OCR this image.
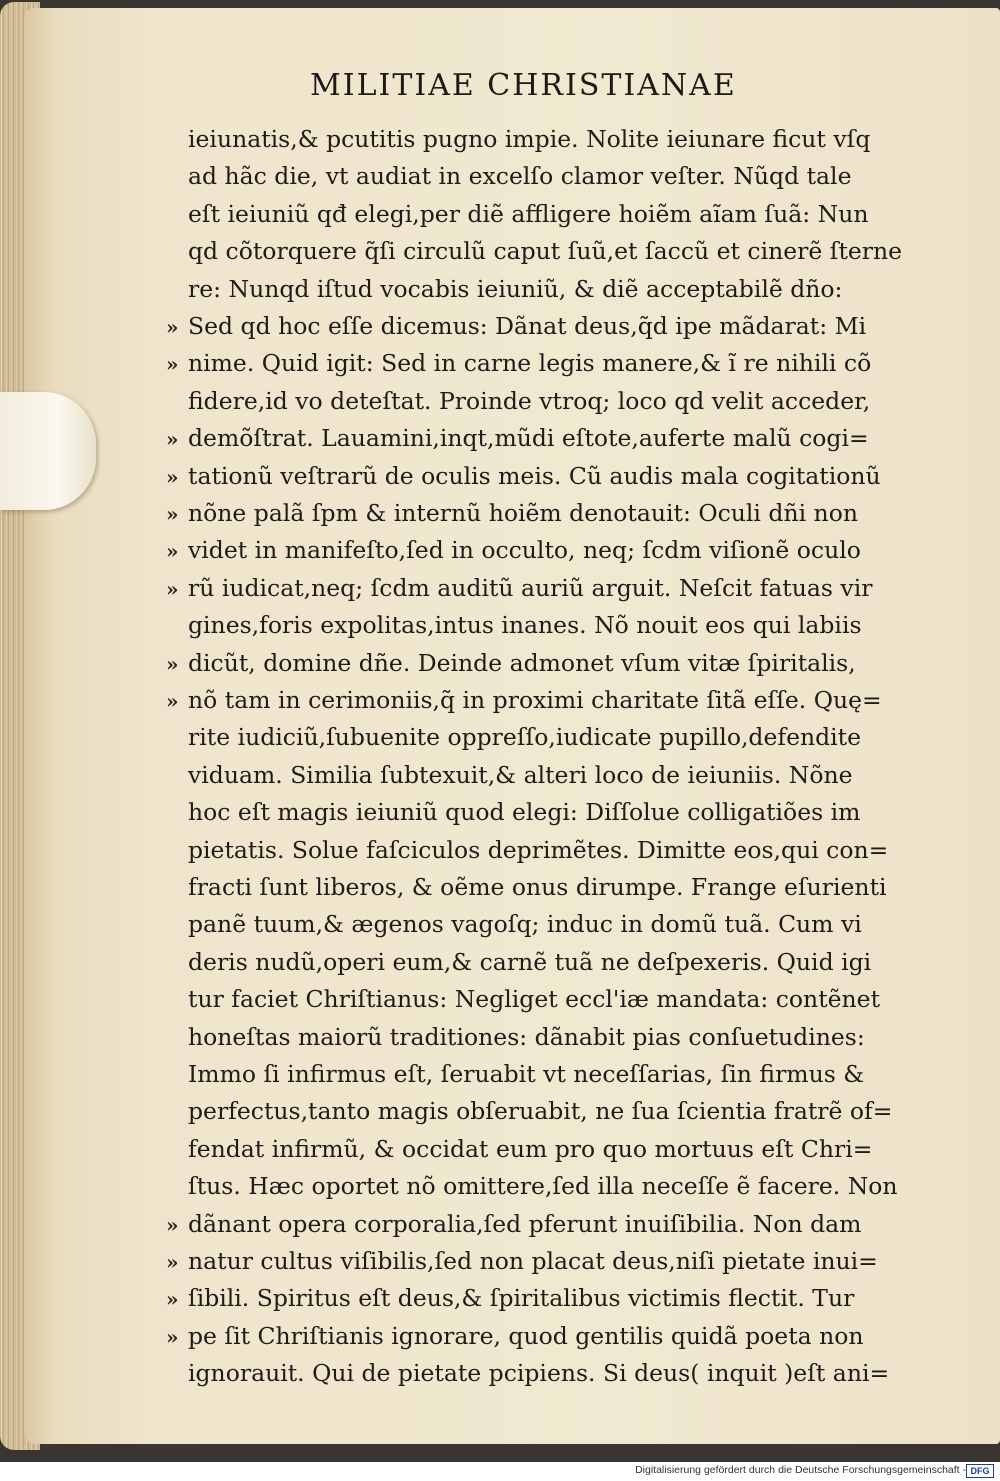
MILITIAE CHRISTIANAE
ieiunatis,& pcutitis pugno impie. Nolite ieiunare ficut vſq
ad hãc die, vt audiat in excelſo clamor veſter. Nũqd tale
eſt ieiuniũ qđ elegi,per diẽ affligere hoiẽm aĩam ſuã: Nun
qd cõtorquere q̃ſi circulũ caput ſuũ,et ſaccũ et cinerẽ ſterne
re: Nunqd iſtud vocabis ieiuniũ, & diẽ acceptabilẽ dño:
Sed qd hoc eſſe dicemus: Dãnat deus,q̃d ipe mãdarat: Mi
nime. Quid igit: Sed in carne legis manere,& ĩ re nihili cõ
fidere,id vo deteſtat. Proinde vtroq; loco qd velit acceder,
demõſtrat. Lauamini,inqt,mũdi eſtote,auferte malũ cogi=
tationũ veſtrarũ de oculis meis. Cũ audis mala cogitationũ
nõne palã ſpm & internũ hoiẽm denotauit: Oculi dñi non
videt in manifeſto,ſed in occulto, neq; ſcdm viſionẽ oculo
rũ iudicat,neq; ſcdm auditũ auriũ arguit. Neſcit fatuas vir
gines,foris expolitas,intus inanes. Nõ nouit eos qui labiis
dicũt, domine dñe. Deinde admonet vſum vitæ ſpiritalis,
nõ tam in cerimoniis,q̃ in proximi charitate ſitã eſſe. Quę=
rite iudiciũ,ſubuenite oppreſſo,iudicate pupillo,defendite
viduam. Similia ſubtexuit,& alteri loco de ieiuniis. Nõne
hoc eſt magis ieiuniũ quod elegi: Diſſolue colligatiões im
pietatis. Solue faſciculos deprimẽtes. Dimitte eos,qui con=
fracti ſunt liberos, & oẽme onus dirumpe. Frange eſurienti
panẽ tuum,& ægenos vagoſq; induc in domũ tuã. Cum vi
deris nudũ,operi eum,& carnẽ tuã ne deſpexeris. Quid igi
tur faciet Chriſtianus: Negliget eccl'iæ mandata: contẽnet
honeſtas maiorũ traditiones: dãnabit pias conſuetudines:
Immo ſi infirmus eſt, ſeruabit vt neceſſarias, ſin firmus &
perfectus,tanto magis obſeruabit, ne ſua ſcientia fratrẽ of=
fendat infirmũ, & occidat eum pro quo mortuus eſt Chri=
ſtus. Hæc oportet nõ omittere,ſed illa neceſſe ẽ facere. Non
dãnant opera corporalia,ſed pferunt inuiſibilia. Non dam
natur cultus viſibilis,ſed non placat deus,niſi pietate inui=
ſibili. Spiritus eſt deus,& ſpiritalibus victimis flectit. Tur
pe ſit Chriſtianis ignorare, quod gentilis quidã poeta non
ignorauit. Qui de pietate pcipiens. Si deus( inquit )eſt ani=
»
»
»
»
»
»
»
»
»
»
»
»
»
Digitalisierung gefördert durch die Deutsche Forschungsgemeinschaft - DFG
